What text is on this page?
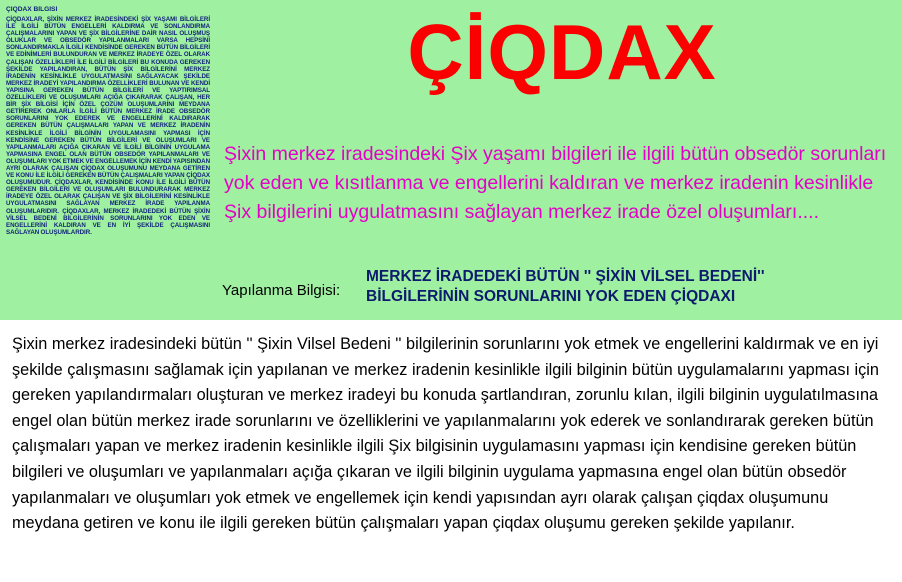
ÇİQDAX BİLGİSİ
ÇİQDAXLAR, ŞİXİN MERKEZ İRADESİNDEKİ ŞİX YAŞAMI BİLGİLERİ İLE İLGİLİ BÜTÜN ENGELLERİ KALDIRMA VE SONLANDIRMA ÇALIŞMALARINI YAPAN VE ŞİX BİLGİLERİNE DAİR NASIL OLUŞMUŞ OLUKLAR VE OBSEDÖR YAPILANMALARI VARSA HEPSİNİ SONLANDIRMAKLA İLGİLİ KENDİSİNDE GEREKEN BÜTÜN BİLGİLERİ VE EDİNİMLERİ BULUNDURAN VE MERKEZ İRADEYE ÖZEL OLARAK ÇALIŞAN ÖZELLİKLERİ İLE İLGİLİ BİLGİLERİ BU KONUDA GEREKEN ŞEKİLDE YAPILANDIRAN, BÜTÜN ŞİX BİLGİLERİNİ MERKEZ İRADENİN KESİNLİKLE UYGULATMASINI SAĞLAYACAK ŞEKİLDE MERKEZ İRADEYİ YAPILANDIRMA ÖZELLİKLERİ BULUNAN VE KENDİ YAPISINA GEREKEN BÜTÜN BİLGİLERİ VE YAPTIRIMSAL ÖZELLİKLERİ VE OLUŞUMLARI AÇIĞA ÇIKARARAK ÇALIŞAN, HER BİR ŞİX BİLGİSİ İÇİN ÖZEL ÇOZÜM OLUŞUMLARINI MEYDANA GETİREREK ONLARLA İLGİLİ BÜTÜN MERKEZ İRADE OBSEDÖR SORUNLARINI YOK EDEREK VE ENGELLERİNİ KALDIRARAK GEREKEN BÜTÜN ÇALIŞMALARI YAPAN VE MERKEZ İRADENİN KESİNLİKLE İLGİLİ BİLGİNİN UYGULAMASINI YAPMASI İÇİN KENDİSİNE GEREKEN BÜTÜN BİLGİLERİ VE OLUŞUMLARI VE YAPILANMALARI AÇIĞA ÇIKARAN VE İLGİLİ BİLGİNİN UYGULAMA YAPMASINA ENGEL OLAN BÜTÜN OBSEDÖR YAPILANMALARI VE OLUŞUMLARI YOK ETMEK VE ENGELLEMEK İÇİN KENDİ YAPISINDAN AYRI OLARAK ÇALIŞAN ÇİQDAX OLUŞUMUNU MEYDANA GETİREN VE KONU İLE İLGİLİ GEREKEN BÜTÜN ÇALIŞMALARI YAPAN ÇİQDAX OLUŞUMUDUR. ÇİQDAXLAR, KENDİSİNDE KONU İLE İLGİLİ BÜTÜN GEREKEN BİLGİLERİ VE OLUŞUMLARI BULUNDURARAK MERKEZ İRADEYE ÖZEL OLARAK ÇALIŞAN VE ŞİX BİLGİLERİNİ KESİNLİKLE UYGULATMASINI SAĞLAYAN MERKEZ İRADE YAPILANMA OLUŞUMLARIDIR. ÇİQDAXLAR, MERKEZ İRADEDEKİ BÜTÜN ŞİXİN VİLSEL BEDENİ BİLGİLERİNİN SORUNLARINI YOK EDEN VE ENGELLERİNİ KALDIRAN VE EN İYİ ŞEKİLDE ÇALIŞMASINI SAĞLAYAN OLUŞUMLARDIR.
ÇİQDAX
Şixin merkez iradesindeki Şix yaşamı bilgileri ile ilgili bütün obsedör sorunları yok eden ve kısıtlanma ve engellerini kaldıran ve merkez iradenin kesinlikle Şix bilgilerini uygulatmasını sağlayan merkez irade özel oluşumları....
Yapılanma Bilgisi:
MERKEZ İRADEDEKİ BÜTÜN '' ŞİXİN VİLSEL BEDENİ''
BİLGİLERİNİN SORUNLARINI YOK EDEN ÇİQDAXI

Şixin merkez iradesindeki bütün '' Şixin Vilsel Bedeni '' bilgilerinin sorunlarını yok etmek ve engellerini kaldırmak ve en iyi şekilde çalışmasını sağlamak için yapılanan ve merkez iradenin kesinlikle ilgili bilginin bütün uygulamalarını yapması için gereken yapılandırmaları oluşturan ve merkez iradeyi bu konuda şartlandıran, zorunlu kılan, ilgili bilginin uygulatılmasına engel olan bütün merkez irade sorunlarını ve özelliklerini ve yapılanmalarını yok ederek ve sonlandırarak gereken bütün çalışmaları yapan ve merkez iradenin kesinlikle ilgili Şix bilgisinin uygulamasını yapması için kendisine gereken bütün bilgileri ve oluşumları ve yapılanmaları açığa çıkaran ve ilgili bilginin uygulama yapmasına engel olan bütün obsedör yapılanmaları ve oluşumları yok etmek ve engellemek için kendi yapısından ayrı olarak çalışan çiqdax oluşumunu meydana getiren ve konu ile ilgili gereken bütün çalışmaları yapan çiqdax oluşumu gereken şekilde yapılanır.
